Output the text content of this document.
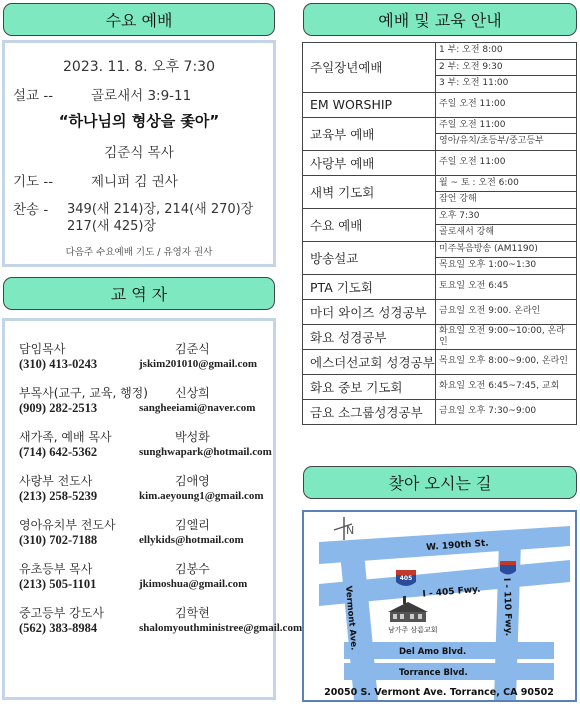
수요 예배
2023. 11. 8. 오후 7:30
설교 --	골로새서 3:9-11
“하나님의 형상을 좇아”
김준식 목사
기도 --	제니퍼 김 권사
찬송 - 349(새 214)장, 214(새 270)장
217(새 425)장
다음주 수요예배 기도 / 유영자 권사
교 역 자
담임목사	김준식
(310) 413-0243	jskim201010@gmail.com
부목사(교구, 교육, 행정) 신상희
(909) 282-2513	sangheeiami@naver.com
새가족, 예배 목사	박성화
(714) 642-5362	sunghwapark@hotmail.com
사랑부 전도사	김애영
(213) 258-5239	kim.aeyoung1@gmail.com
영아유치부 전도사	김엘리
(310) 702-7188	ellykids@hotmail.com
유초등부 목사	김봉수
(213) 505-1101	jkimoshua@gmail.com
중고등부 강도사	김학현
(562) 383-8984	shalomyouthministree@gmail.com
예배 및 교육 안내
주일장년예배	1 부: 오전 8:00
	2 부: 오전 9:30
	3 부: 오전 11:00
EM WORSHIP	주일 오전 11:00
교육부 예배	주일 오전 11:00
	영아/유치/초등부/중고등부
사랑부 예배	주일 오전 11:00
새벽 기도회	월 ~ 토 : 오전 6:00
	잠언 강해
수요 예배	오후 7:30
	골로새서 강해
방송설교	미주복음방송 (AM1190)
	목요일 오후 1:00~1:30
PTA 기도회	토요일 오전 6:45
마더 와이즈 성경공부	금요일 오전 9:00. 온라인
화요 성경공부	화요일 오전 9:00~10:00, 온라인
에스더선교회 성경공부	목요일 오후 8:00~9:00, 온라인
화요 중보 기도회	화요일 오전 6:45~7:45, 교회
금요 소그룹성경공부	금요일 오후 7:30~9:00
찾아 오시는 길
N
405
W. 190th St.
I - 405 Fwy. I - 110 Fwy.
Vermont Ave.
Del Amo Blvd.
Torrance Blvd.
남가주 삼름교회
20050 S. Vermont Ave. Torrance, CA 90502
